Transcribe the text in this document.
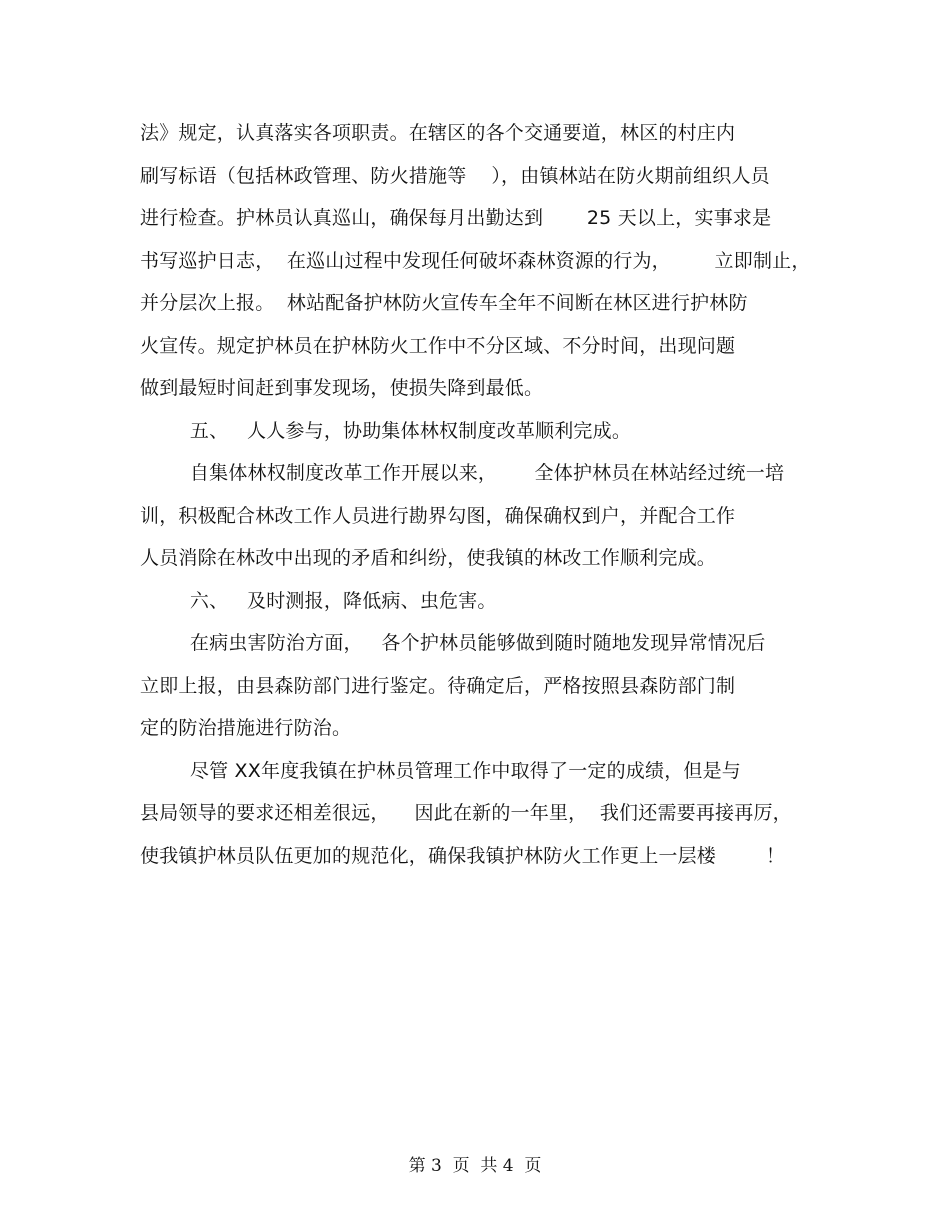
法》规定，认真落实各项职责。在辖区的各个交通要道，林区的村庄内
刷写标语（包括林政管理、防火措施等    ），由镇林站在防火期前组织人员
进行检查。护林员认真巡山，确保每月出勤达到       25 天以上，实事求是
书写巡护日志，  在巡山过程中发现任何破坏森林资源的行为，       立即制止，
并分层次上报。  林站配备护林防火宣传车全年不间断在林区进行护林防
火宣传。规定护林员在护林防火工作中不分区域、不分时间，出现问题
做到最短时间赶到事发现场，使损失降到最低。
五、   人人参与，协助集体林权制度改革顺利完成。
自集体林权制度改革工作开展以来，      全体护林员在林站经过统一培
训，积极配合林改工作人员进行勘界勾图，确保确权到户，并配合工作
人员消除在林改中出现的矛盾和纠纷，使我镇的林改工作顺利完成。
六、   及时测报，降低病、虫危害。
在病虫害防治方面，   各个护林员能够做到随时随地发现异常情况后
立即上报，由县森防部门进行鉴定。待确定后，严格按照县森防部门制
定的防治措施进行防治。
尽管 XX年度我镇在护林员管理工作中取得了一定的成绩，但是与
县局领导的要求还相差很远，    因此在新的一年里，  我们还需要再接再厉，
使我镇护林员队伍更加的规范化，确保我镇护林防火工作更上一层楼        ！
第 3  页  共 4  页
